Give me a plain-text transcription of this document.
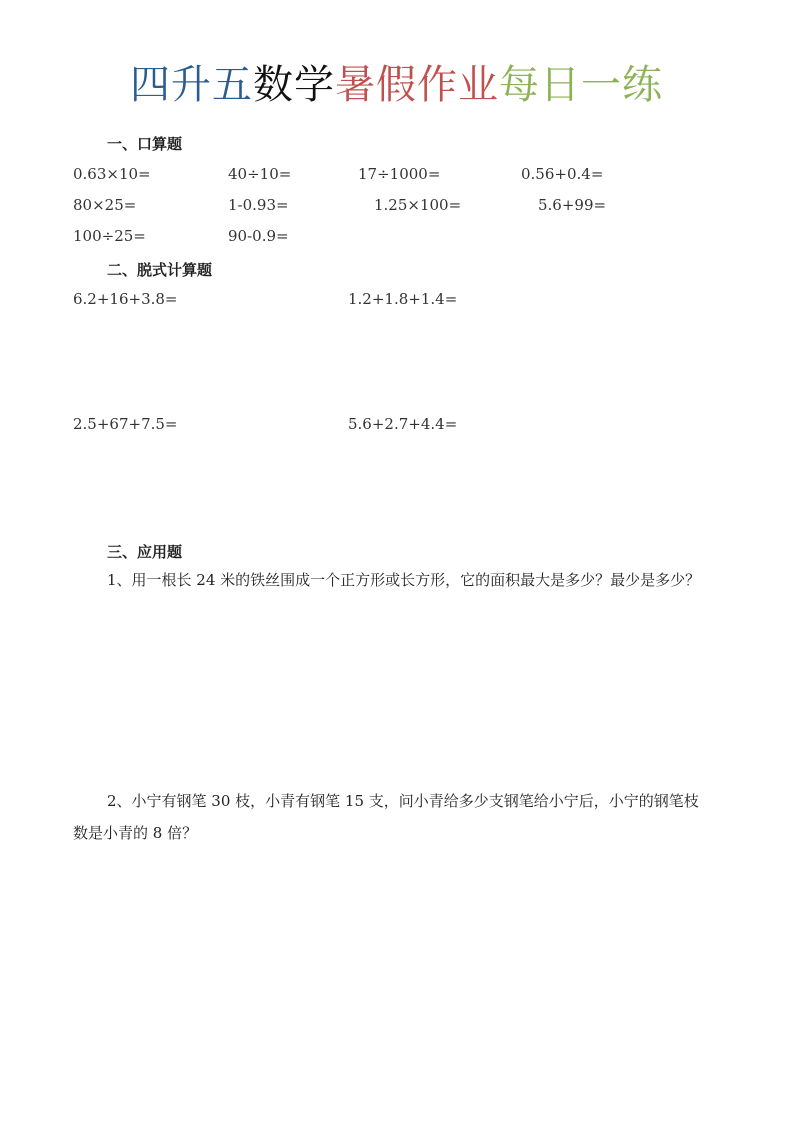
四升五数学暑假作业每日一练
一、口算题
0.63×10=	40÷10=	17÷1000=	0.56+0.4=
80×25=	1-0.93=	1.25×100=	5.6+99=
100÷25=	90-0.9=
二、脱式计算题
6.2+16+3.8=	1.2+1.8+1.4=
2.5+67+7.5=	5.6+2.7+4.4=
三、应用题
1、用一根长 24 米的铁丝围成一个正方形或长方形，它的面积最大是多少？最少是多少？
2、小宁有钢笔 30 枝，小青有钢笔 15 支，问小青给多少支钢笔给小宁后，小宁的钢笔枝数是小青的 8 倍？
